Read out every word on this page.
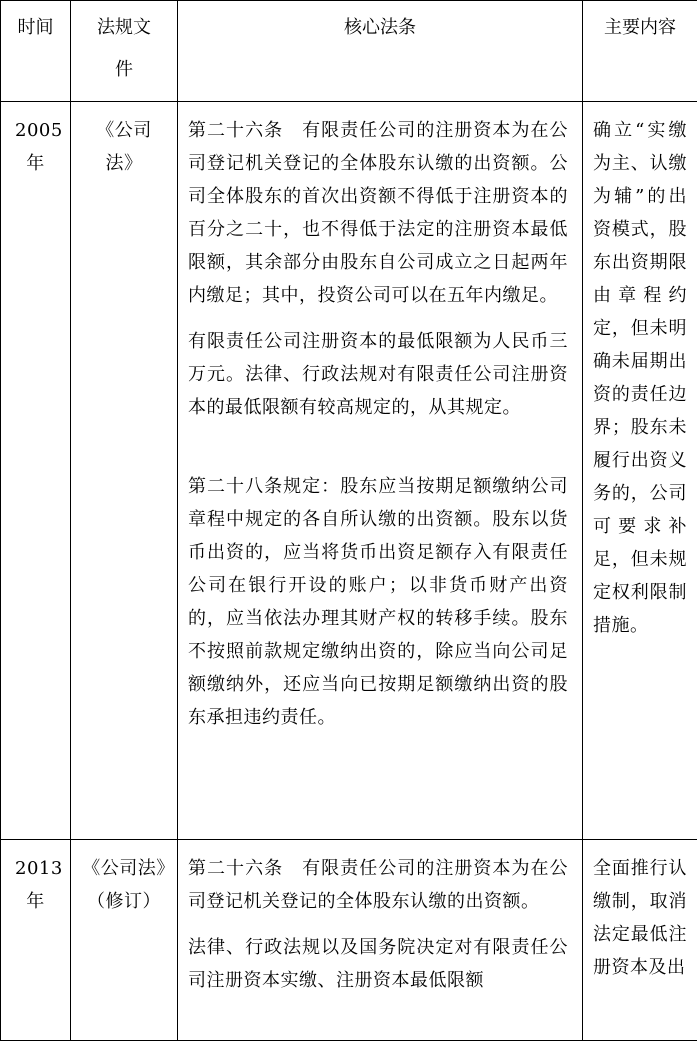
时间	法规文件	核心法条	主要内容

2005年	《公司法》	第二十六条　有限责任公司的注册资本为在公司登记机关登记的全体股东认缴的出资额。公司全体股东的首次出资额不得低于注册资本的百分之二十，也不得低于法定的注册资本最低限额，其余部分由股东自公司成立之日起两年内缴足；其中，投资公司可以在五年内缴足。

有限责任公司注册资本的最低限额为人民币三万元。法律、行政法规对有限责任公司注册资本的最低限额有较高规定的，从其规定。

第二十八条规定：股东应当按期足额缴纳公司章程中规定的各自所认缴的出资额。股东以货币出资的，应当将货币出资足额存入有限责任公司在银行开设的账户；以非货币财产出资的，应当依法办理其财产权的转移手续。股东不按照前款规定缴纳出资的，除应当向公司足额缴纳外，还应当向已按期足额缴纳出资的股东承担违约责任。	确立“实缴为主、认缴为辅”的出资模式，股东出资期限由章程约定，但未明确未届期出资的责任边界；股东未履行出资义务的，公司可要求补足，但未规定权利限制措施。

2013年	《公司法》（修订）	第二十六条　有限责任公司的注册资本为在公司登记机关登记的全体股东认缴的出资额。

法律、行政法规以及国务院决定对有限责任公司注册资本实缴、注册资本最低限额	全面推行认缴制，取消法定最低注册资本及出
